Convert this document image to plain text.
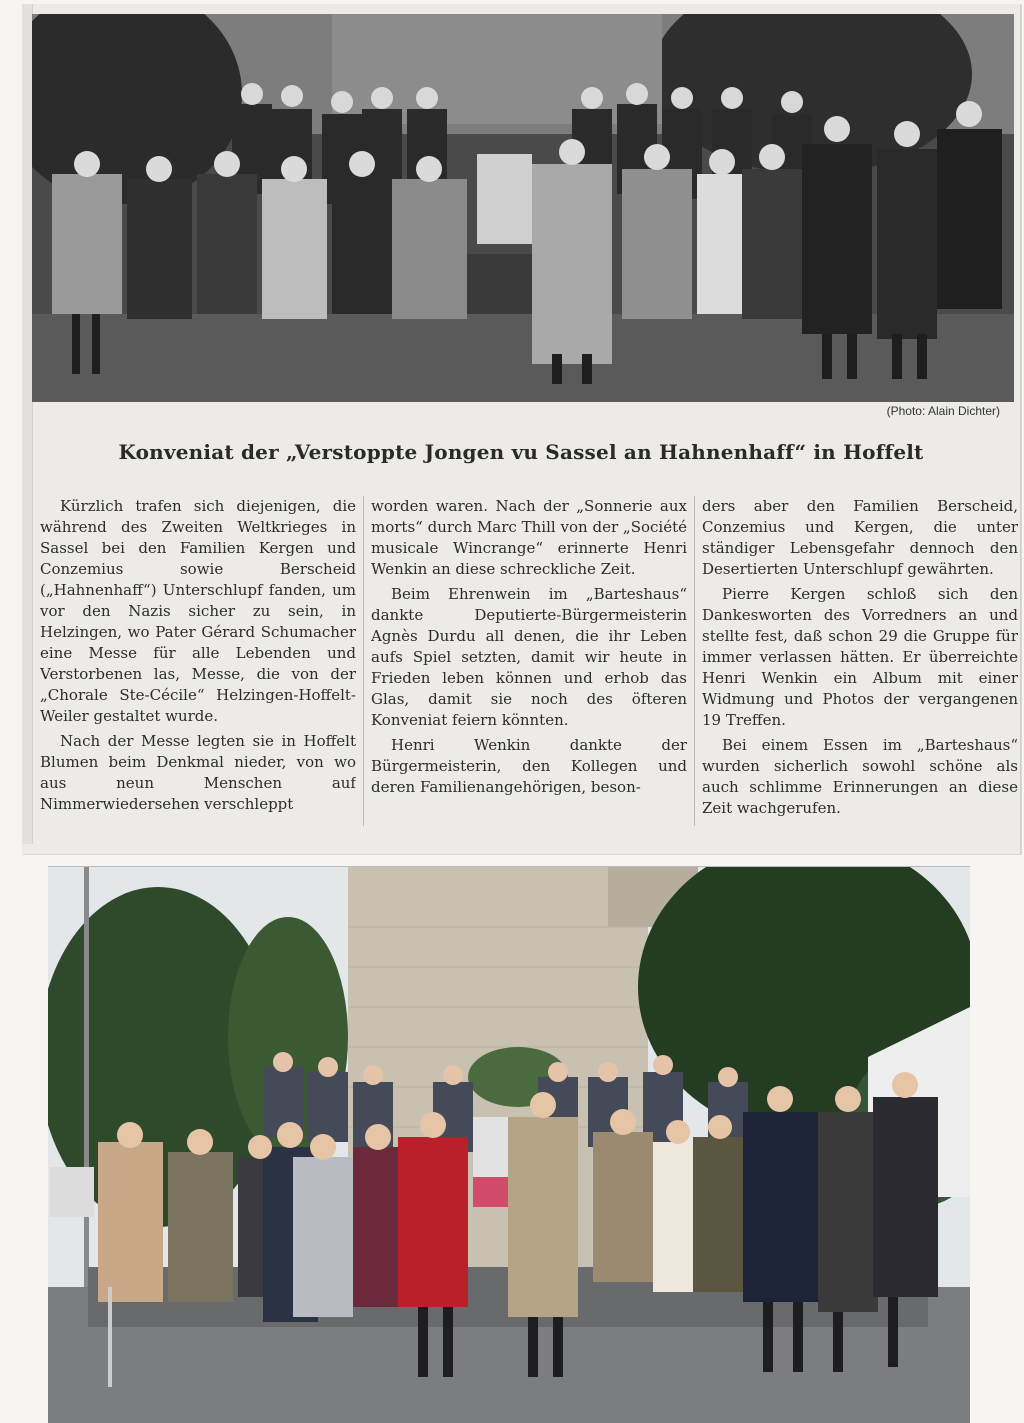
(Photo: Alain Dichter)
Konveniat der „Verstoppte Jongen vu Sassel an Hahnenhaff“ in Hoffelt

Kürzlich trafen sich diejenigen, die während des Zweiten Weltkrieges in Sassel bei den Familien Kergen und Conzemius sowie Berscheid („Hahnenhaff“) Unterschlupf fanden, um vor den Nazis sicher zu sein, in Helzingen, wo Pater Gérard Schumacher eine Messe für alle Lebenden und Verstorbenen las, Messe, die von der „Chorale Ste-Cécile“ Helzingen-Hoffelt-Weiler gestaltet wurde.

Nach der Messe legten sie in Hoffelt Blumen beim Denkmal nieder, von wo aus neun Menschen auf Nimmerwiedersehen verschleppt

worden waren. Nach der „Sonnerie aux morts“ durch Marc Thill von der „Société musicale Wincrange“ erinnerte Henri Wenkin an diese schreckliche Zeit.

Beim Ehrenwein im „Barteshaus“ dankte Deputierte-Bürgermeisterin Agnès Durdu all denen, die ihr Leben aufs Spiel setzten, damit wir heute in Frieden leben können und erhob das Glas, damit sie noch des öfteren Konveniat feiern könnten.

Henri Wenkin dankte der Bürgermeisterin, den Kollegen und deren Familienangehörigen, beson-

ders aber den Familien Berscheid, Conzemius und Kergen, die unter ständiger Lebensgefahr dennoch den Desertierten Unterschlupf gewährten.

Pierre Kergen schloß sich den Dankesworten des Vorredners an und stellte fest, daß schon 29 die Gruppe für immer verlassen hätten. Er überreichte Henri Wenkin ein Album mit einer Widmung und Photos der vergangenen 19 Treffen.

Bei einem Essen im „Barteshaus“ wurden sicherlich sowohl schöne als auch schlimme Erinnerungen an diese Zeit wachgerufen.
